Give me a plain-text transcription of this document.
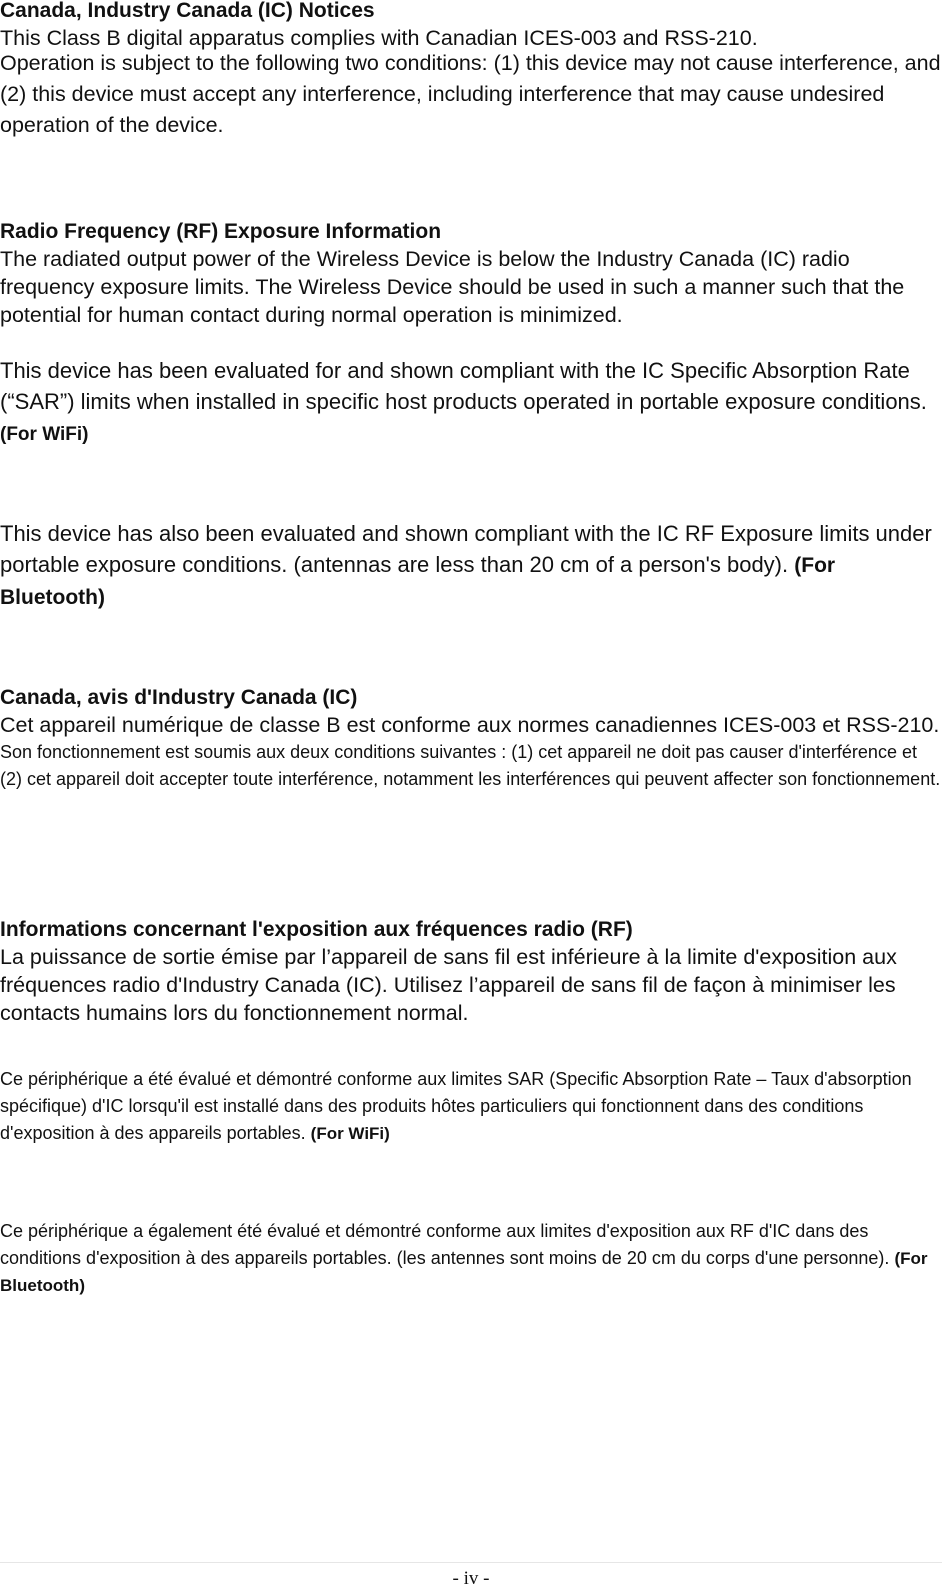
Canada, Industry Canada (IC) Notices

This Class B digital apparatus complies with Canadian ICES-003 and RSS-210.

Operation is subject to the following two conditions: (1) this device may not cause interference, and (2) this device must accept any interference, including interference that may cause undesired operation of the device.

Radio Frequency (RF) Exposure Information

The radiated output power of the Wireless Device is below the Industry Canada (IC) radio frequency exposure limits. The Wireless Device should be used in such a manner such that the potential for human contact during normal operation is minimized.

This device has been evaluated for and shown compliant with the IC Specific Absorption Rate (“SAR”) limits when installed in specific host products operated in portable exposure conditions. (For WiFi)

This device has also been evaluated and shown compliant with the IC RF Exposure limits under portable exposure conditions. (antennas are less than 20 cm of a person's body). (For Bluetooth)

Canada, avis d'Industry Canada (IC)

Cet appareil numérique de classe B est conforme aux normes canadiennes ICES-003 et RSS-210.

Son fonctionnement est soumis aux deux conditions suivantes : (1) cet appareil ne doit pas causer d'interférence et (2) cet appareil doit accepter toute interférence, notamment les interférences qui peuvent affecter son fonctionnement.

Informations concernant l'exposition aux fréquences radio (RF)

La puissance de sortie émise par l’appareil de sans fil est inférieure à la limite d'exposition aux fréquences radio d'Industry Canada (IC). Utilisez l’appareil de sans fil de façon à minimiser les contacts humains lors du fonctionnement normal.

Ce périphérique a été évalué et démontré conforme aux limites SAR (Specific Absorption Rate – Taux d'absorption spécifique) d'IC lorsqu'il est installé dans des produits hôtes particuliers qui fonctionnent dans des conditions d'exposition à des appareils portables. (For WiFi)

Ce périphérique a également été évalué et démontré conforme aux limites d'exposition aux RF d'IC dans des conditions d'exposition à des appareils portables. (les antennes sont moins de 20 cm du corps d'une personne). (For Bluetooth)

- iv -
